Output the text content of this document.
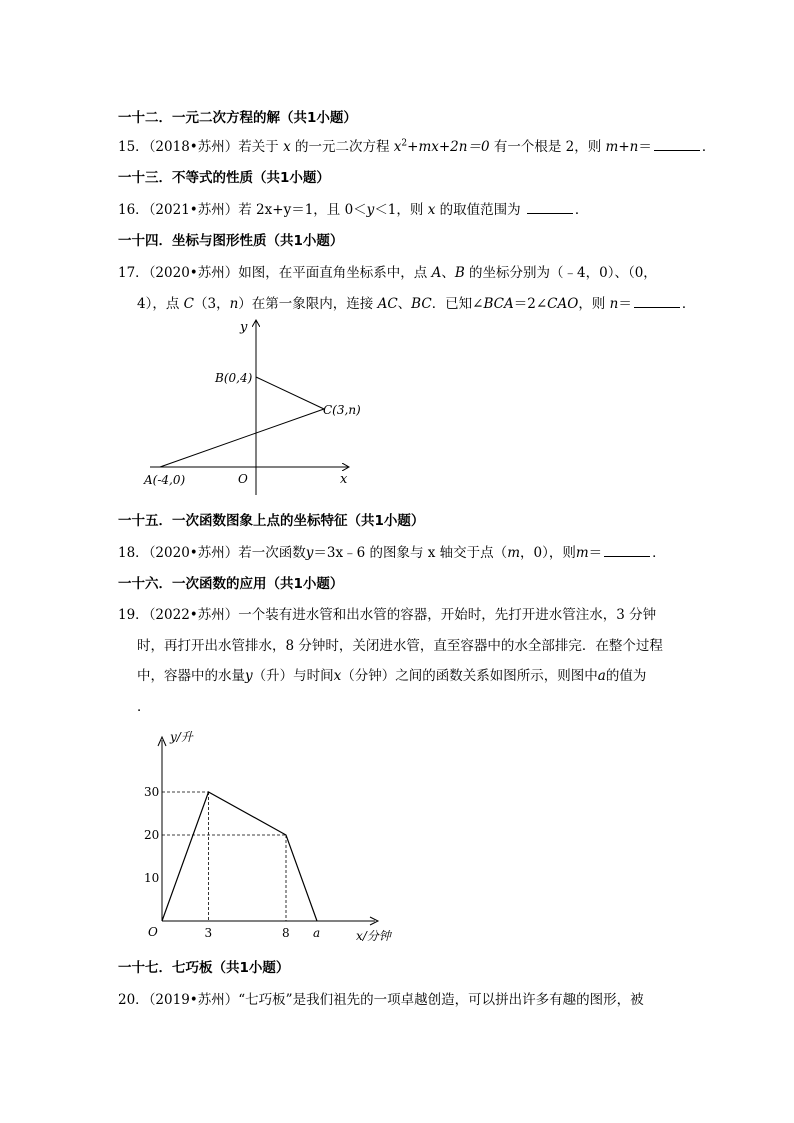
一十二．一元二次方程的解（共1小题）
15．（2018•苏州）若关于 x 的一元二次方程 $x^2+mx+2n=0$ 有一个根是 2，则 m+n＝	．
一十三．不等式的性质（共1小题）
16．（2021•苏州）若 2x+y＝1，且 0＜y＜1，则 x 的取值范围为	．
一十四．坐标与图形性质（共1小题）
17．（2020•苏州）如图，在平面直角坐标系中，点 A、B 的坐标分别为（﹣4，0）、（0，
4），点 C（3，n）在第一象限内，连接 AC、BC．已知∠BCA＝2∠CAO，则 n＝	．
y
x
O
B(0,4)
C(3,n)
A(-4,0)
一十五．一次函数图象上点的坐标特征（共1小题）
18．（2020•苏州）若一次函数y＝3x﹣6 的图象与 x 轴交于点（m，0），则m＝	．
一十六．一次函数的应用（共1小题）
19．（2022•苏州）一个装有进水管和出水管的容器，开始时，先打开进水管注水，3 分钟
时，再打开出水管排水，8 分钟时，关闭进水管，直至容器中的水全部排完．在整个过程
中，容器中的水量y（升）与时间x（分钟）之间的函数关系如图所示，则图中a的值为
．
y/升
x/分钟
O
10
20
30
3	8 a
一十七．七巧板（共1小题）
20．（2019•苏州）“七巧板”是我们祖先的一项卓越创造，可以拼出许多有趣的图形，被
